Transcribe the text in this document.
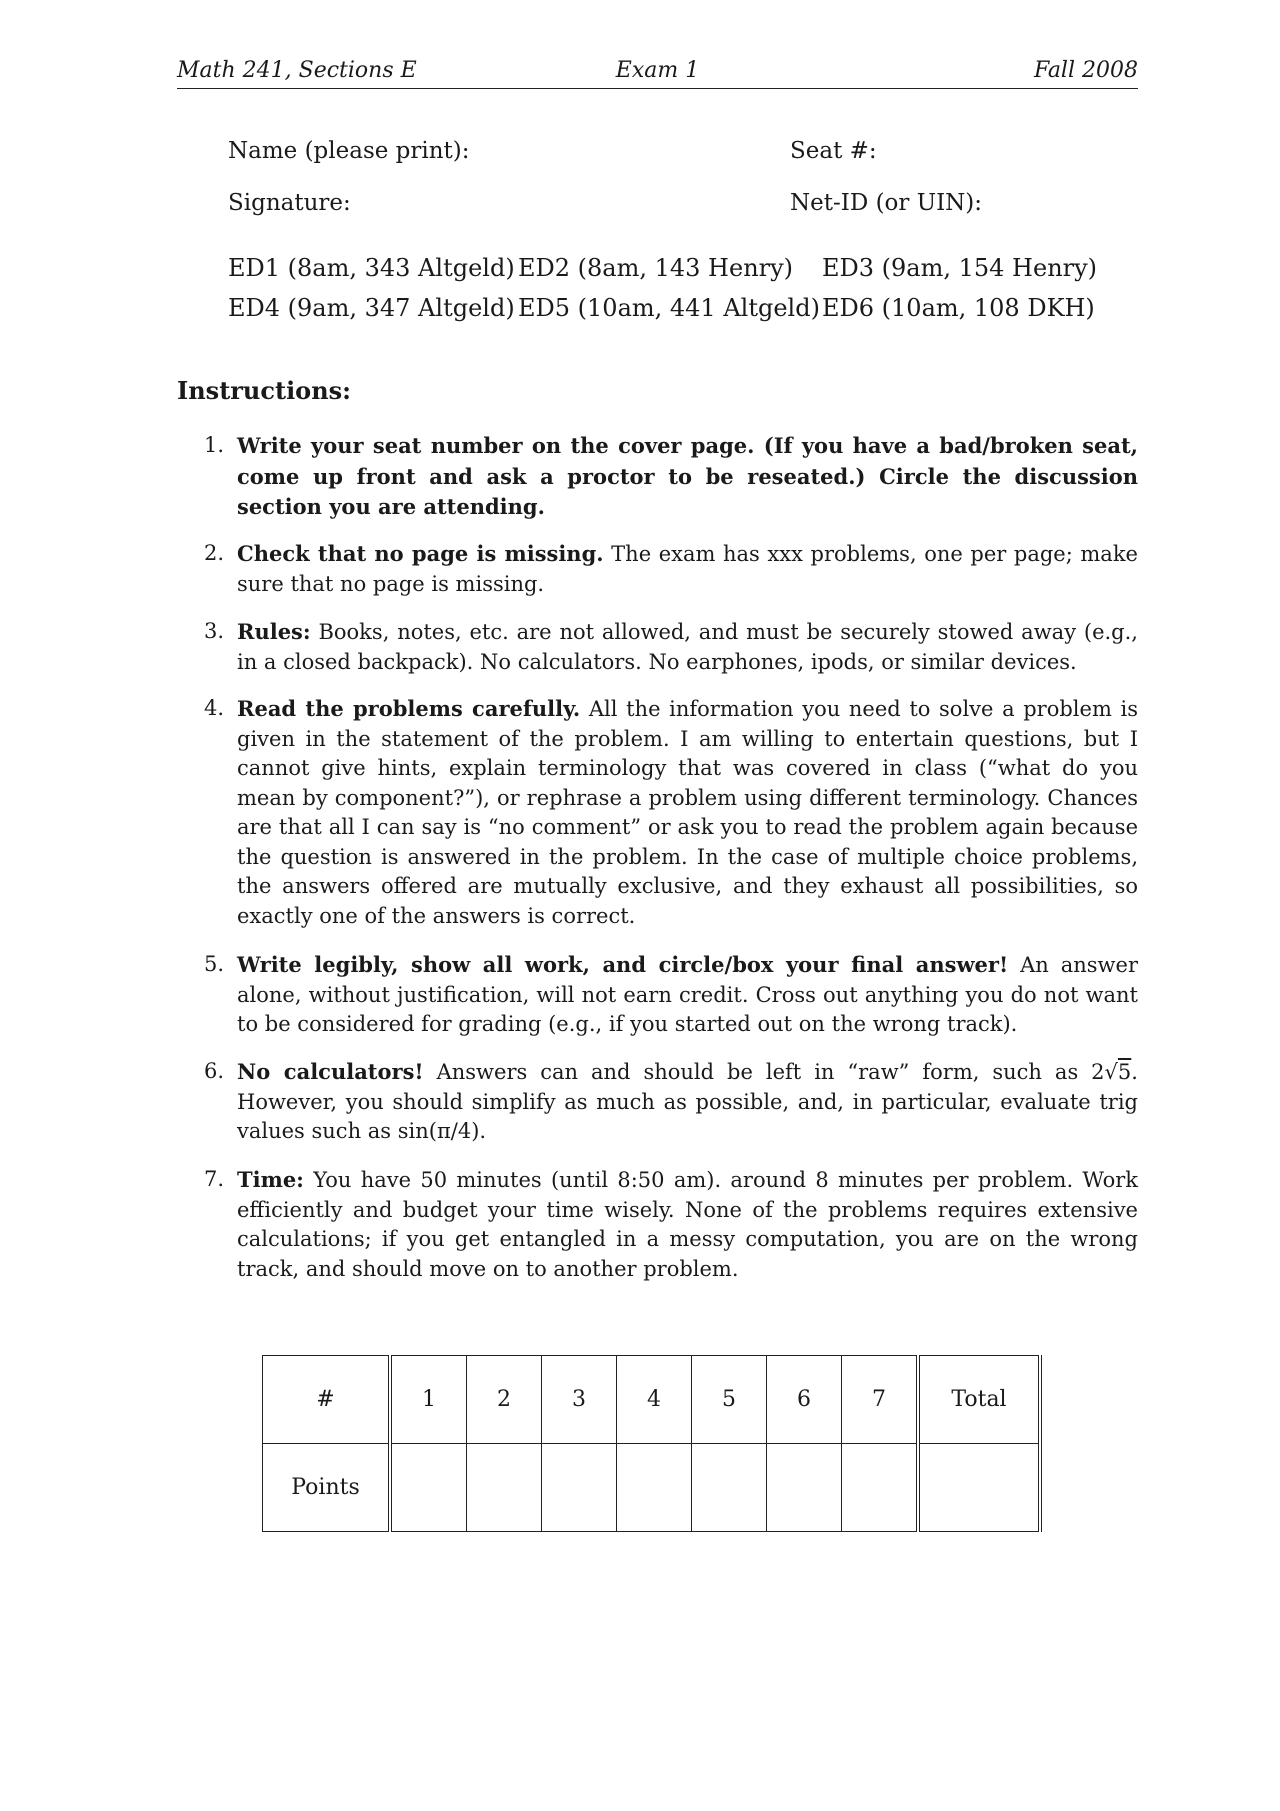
Math 241, Sections E	Exam 1	Fall 2008
Name (please print):	Seat #:
Signature:	Net-ID (or UIN):
ED1 (8am, 343 Altgeld) ED2 (8am, 143 Henry) ED3 (9am, 154 Henry)
ED4 (9am, 347 Altgeld) ED5 (10am, 441 Altgeld) ED6 (10am, 108 DKH)
Instructions:
1. Write your seat number on the cover page. (If you have a bad/broken seat, come up front and ask a proctor to be reseated.) Circle the discussion section you are attending.
2. Check that no page is missing. The exam has xxx problems, one per page; make sure that no page is missing.
3. Rules: Books, notes, etc. are not allowed, and must be securely stowed away (e.g., in a closed backpack). No calculators. No earphones, ipods, or similar devices.
4. Read the problems carefully. All the information you need to solve a problem is given in the statement of the problem. I am willing to entertain questions, but I cannot give hints, explain terminology that was covered in class (“what do you mean by component?”), or rephrase a problem using different terminology. Chances are that all I can say is “no comment” or ask you to read the problem again because the question is answered in the problem. In the case of multiple choice problems, the answers offered are mutually exclusive, and they exhaust all possibilities, so exactly one of the answers is correct.
5. Write legibly, show all work, and circle/box your final answer! An answer alone, without justification, will not earn credit. Cross out anything you do not want to be considered for grading (e.g., if you started out on the wrong track).
6. No calculators! Answers can and should be left in “raw” form, such as 2√5. However, you should simplify as much as possible, and, in particular, evaluate trig values such as sin(π/4).
7. Time: You have 50 minutes (until 8:50 am). around 8 minutes per problem. Work efficiently and budget your time wisely. None of the problems requires extensive calculations; if you get entangled in a messy computation, you are on the wrong track, and should move on to another problem.
#	1	2	3	4	5	6	7	Total
Points								
